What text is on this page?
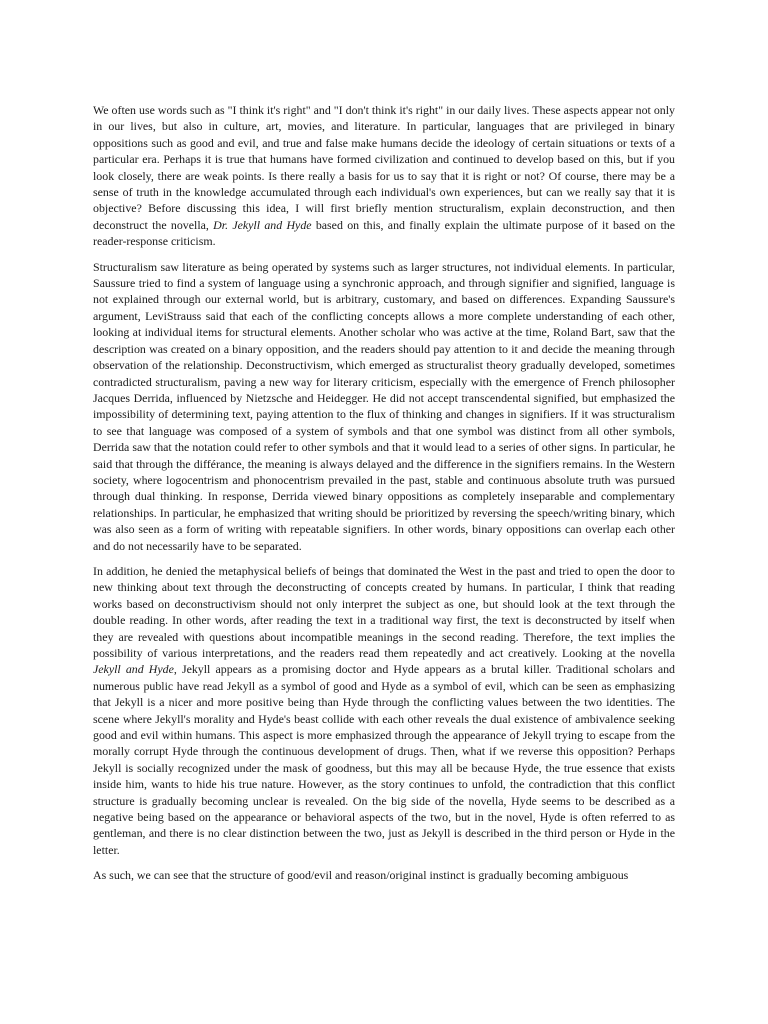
We often use words such as "I think it's right" and "I don't think it's right" in our daily lives. These aspects appear not only in our lives, but also in culture, art, movies, and literature. In particular, languages that are privileged in binary oppositions such as good and evil, and true and false make humans decide the ideology of certain situations or texts of a particular era. Perhaps it is true that humans have formed civilization and continued to develop based on this, but if you look closely, there are weak points. Is there really a basis for us to say that it is right or not? Of course, there may be a sense of truth in the knowledge accumulated through each individual's own experiences, but can we really say that it is objective? Before discussing this idea, I will first briefly mention structuralism, explain deconstruction, and then deconstruct the novella, Dr. Jekyll and Hyde based on this, and finally explain the ultimate purpose of it based on the reader-response criticism.

Structuralism saw literature as being operated by systems such as larger structures, not individual elements. In particular, Saussure tried to find a system of language using a synchronic approach, and through signifier and signified, language is not explained through our external world, but is arbitrary, customary, and based on differences. Expanding Saussure's argument, LeviStrauss said that each of the conflicting concepts allows a more complete understanding of each other, looking at individual items for structural elements. Another scholar who was active at the time, Roland Bart, saw that the description was created on a binary opposition, and the readers should pay attention to it and decide the meaning through observation of the relationship. Deconstructivism, which emerged as structuralist theory gradually developed, sometimes contradicted structuralism, paving a new way for literary criticism, especially with the emergence of French philosopher Jacques Derrida, influenced by Nietzsche and Heidegger. He did not accept transcendental signified, but emphasized the impossibility of determining text, paying attention to the flux of thinking and changes in signifiers. If it was structuralism to see that language was composed of a system of symbols and that one symbol was distinct from all other symbols, Derrida saw that the notation could refer to other symbols and that it would lead to a series of other signs. In particular, he said that through the différance, the meaning is always delayed and the difference in the signifiers remains. In the Western society, where logocentrism and phonocentrism prevailed in the past, stable and continuous absolute truth was pursued through dual thinking. In response, Derrida viewed binary oppositions as completely inseparable and complementary relationships. In particular, he emphasized that writing should be prioritized by reversing the speech/writing binary, which was also seen as a form of writing with repeatable signifiers. In other words, binary oppositions can overlap each other and do not necessarily have to be separated.

In addition, he denied the metaphysical beliefs of beings that dominated the West in the past and tried to open the door to new thinking about text through the deconstructing of concepts created by humans. In particular, I think that reading works based on deconstructivism should not only interpret the subject as one, but should look at the text through the double reading. In other words, after reading the text in a traditional way first, the text is deconstructed by itself when they are revealed with questions about incompatible meanings in the second reading. Therefore, the text implies the possibility of various interpretations, and the readers read them repeatedly and act creatively. Looking at the novella Jekyll and Hyde, Jekyll appears as a promising doctor and Hyde appears as a brutal killer. Traditional scholars and numerous public have read Jekyll as a symbol of good and Hyde as a symbol of evil, which can be seen as emphasizing that Jekyll is a nicer and more positive being than Hyde through the conflicting values between the two identities. The scene where Jekyll's morality and Hyde's beast collide with each other reveals the dual existence of ambivalence seeking good and evil within humans. This aspect is more emphasized through the appearance of Jekyll trying to escape from the morally corrupt Hyde through the continuous development of drugs. Then, what if we reverse this opposition? Perhaps Jekyll is socially recognized under the mask of goodness, but this may all be because Hyde, the true essence that exists inside him, wants to hide his true nature. However, as the story continues to unfold, the contradiction that this conflict structure is gradually becoming unclear is revealed. On the big side of the novella, Hyde seems to be described as a negative being based on the appearance or behavioral aspects of the two, but in the novel, Hyde is often referred to as gentleman, and there is no clear distinction between the two, just as Jekyll is described in the third person or Hyde in the letter.

As such, we can see that the structure of good/evil and reason/original instinct is gradually becoming ambiguous
